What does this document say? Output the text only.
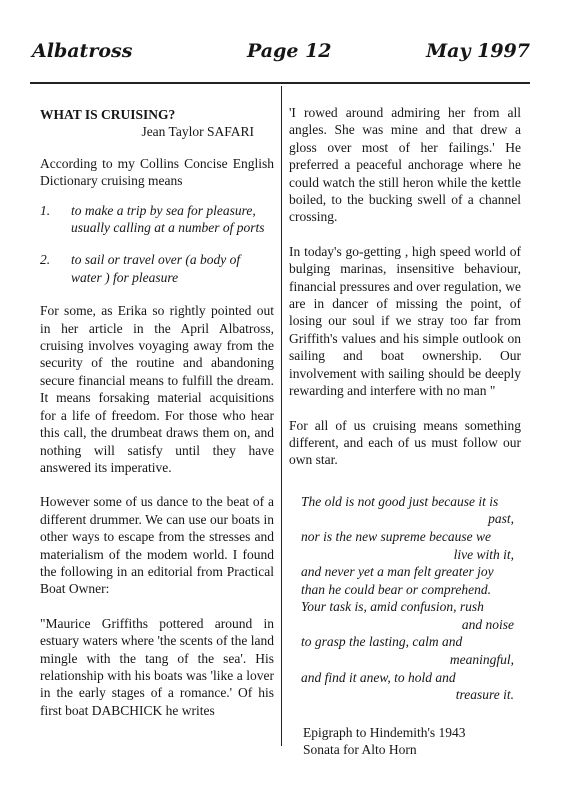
Albatross	Page 12	May 1997
WHAT IS CRUISING?
Jean Taylor SAFARI

According to my Collins Concise English Dictionary cruising means

1.	to make a trip by sea for pleasure, usually calling at a number of ports
2.	to sail or travel over (a body of water ) for pleasure

For some, as Erika so rightly pointed out in her article in the April Albatross, cruising involves voyaging away from the security of the routine and abandoning secure financial means to fulfill the dream. It means forsaking material acquisitions for a life of freedom. For those who hear this call, the drumbeat draws them on, and nothing will satisfy until they have answered its imperative.

However some of us dance to the beat of a different drummer. We can use our boats in other ways to escape from the stresses and materialism of the modem world. I found the following in an editorial from Practical Boat Owner:

"Maurice Griffiths pottered around in estuary waters where 'the scents of the land mingle with the tang of the sea'. His relationship with his boats was 'like a lover in the early stages of a romance.' Of his first boat DABCHICK he writes

'I rowed around admiring her from all angles. She was mine and that drew a gloss over most of her failings.' He preferred a peaceful anchorage where he could watch the still heron while the kettle boiled, to the bucking swell of a channel crossing.

In today's go-getting , high speed world of bulging marinas, insensitive behaviour, financial pressures and over regulation, we are in dancer of missing the point, of losing our soul if we stray too far from Griffith's values and his simple outlook on sailing and boat ownership. Our involvement with sailing should be deeply rewarding and interfere with no man "

For all of us cruising means something different, and each of us must follow our own star.

The old is not good just because it is
past,
nor is the new supreme because we
live with it,
and never yet a man felt greater joy
than he could bear or comprehend.
Your task is, amid confusion, rush
and noise
to grasp the lasting, calm and
meaningful,
and find it anew, to hold and
treasure it.
Epigraph to Hindemith's 1943
Sonata for Alto Horn
